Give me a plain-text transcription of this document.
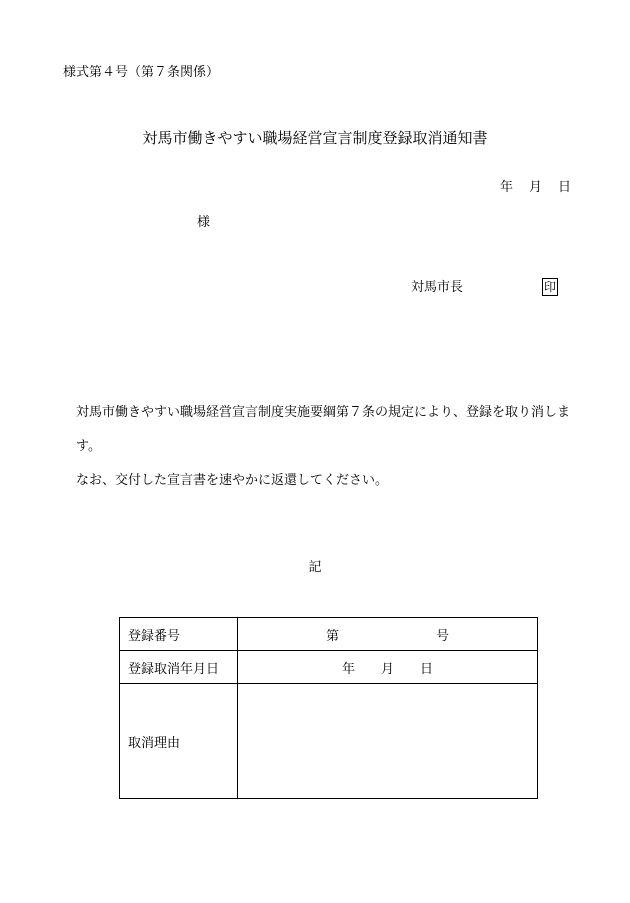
様式第４号（第７条関係）
対馬市働きやすい職場経営宣言制度登録取消通知書
年 月 日
様
対馬市長	印

対馬市働きやすい職場経営宣言制度実施要綱第７条の規定により、登録を取り消します。

なお、交付した宣言書を速やかに返還してください。

記
登録番号	第 号

登録取消年月日	年 月 日

取消理由	
